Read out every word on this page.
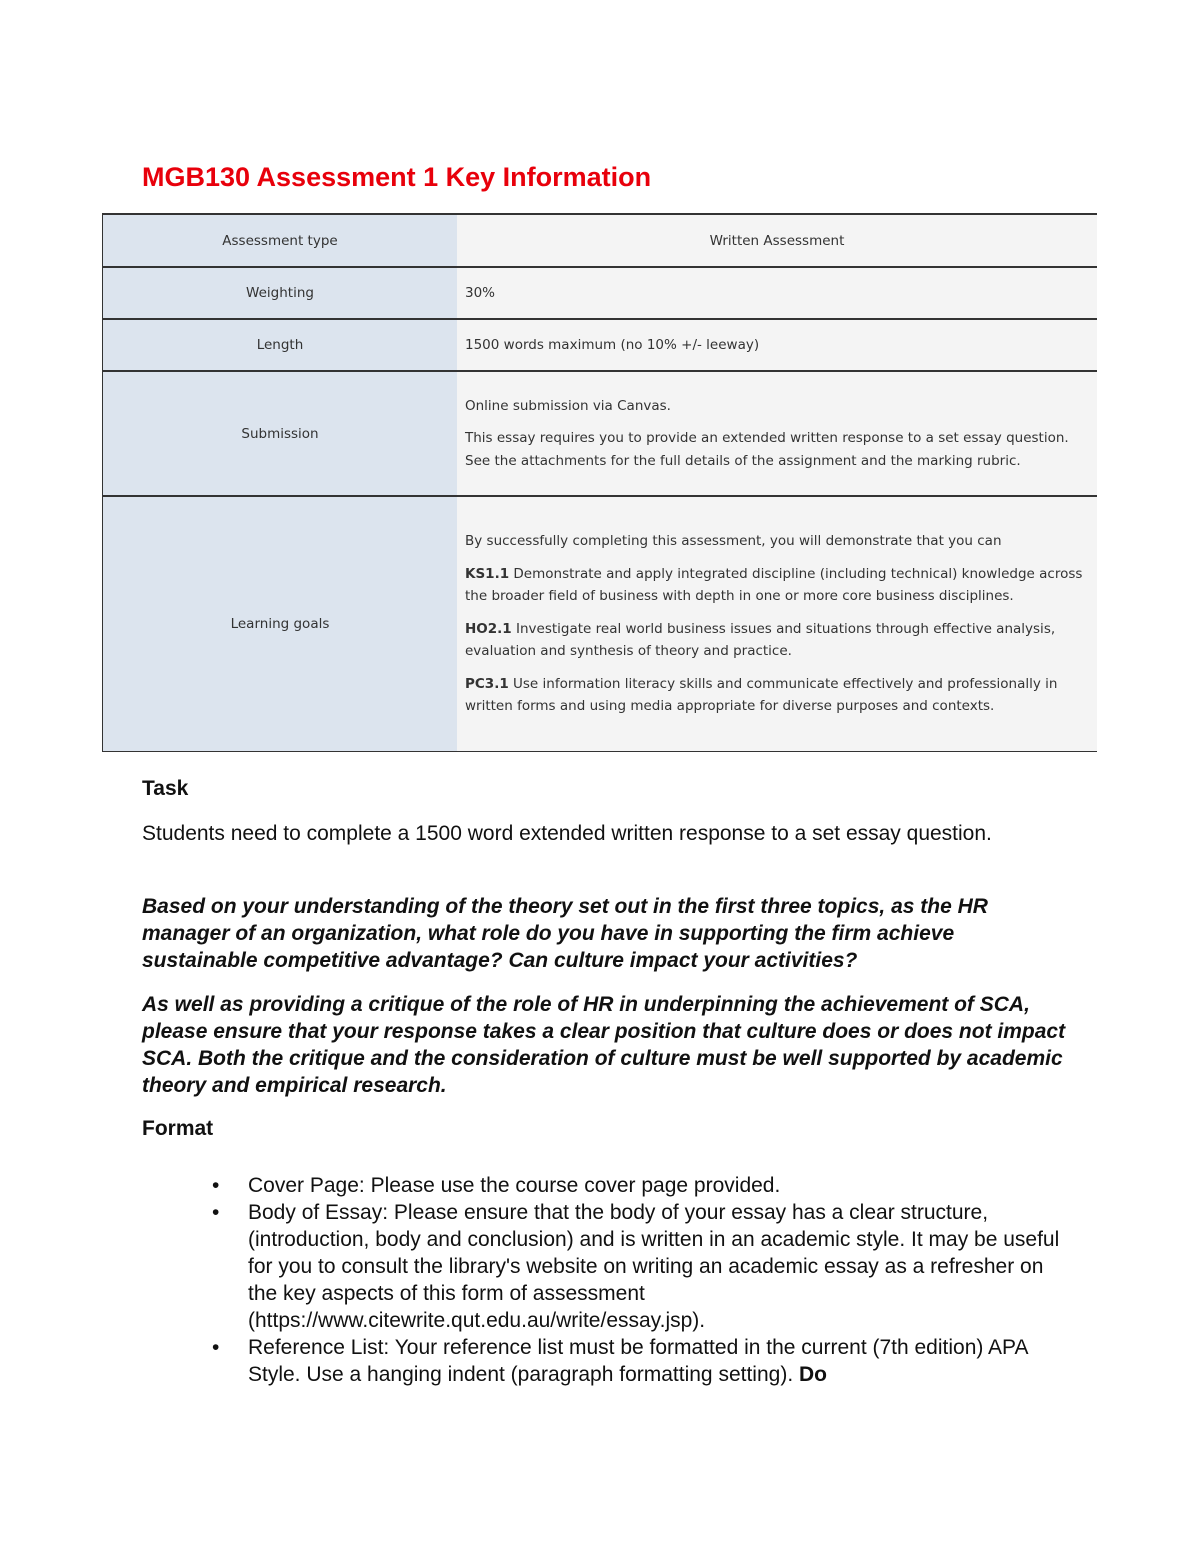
MGB130 Assessment 1 Key Information
Assessment type	Written Assessment
Weighting	30%
Length	1500 words maximum (no 10% +/- leeway)
Submission	Online submission via Canvas.

This essay requires you to provide an extended written response to a set essay question. See the attachments for the full details of the assignment and the marking rubric.

Learning goals	By successfully completing this assessment, you will demonstrate that you can

KS1.1 Demonstrate and apply integrated discipline (including technical) knowledge across the broader field of business with depth in one or more core business disciplines.

HO2.1 Investigate real world business issues and situations through effective analysis, evaluation and synthesis of theory and practice.

PC3.1 Use information literacy skills and communicate effectively and professionally in written forms and using media appropriate for diverse purposes and contexts.

Task

Students need to complete a 1500 word extended written response to a set essay question.

Based on your understanding of the theory set out in the first three topics, as the HR manager of an organization, what role do you have in supporting the firm achieve sustainable competitive advantage? Can culture impact your activities?

As well as providing a critique of the role of HR in underpinning the achievement of SCA, please ensure that your response takes a clear position that culture does or does not impact SCA. Both the critique and the consideration of culture must be well supported by academic theory and empirical research.

Format
• Cover Page: Please use the course cover page provided.
• Body of Essay: Please ensure that the body of your essay has a clear structure, (introduction, body and conclusion) and is written in an academic style. It may be useful for you to consult the library's website on writing an academic essay as a refresher on the key aspects of this form of assessment (https://www.citewrite.qut.edu.au/write/essay.jsp).
• Reference List: Your reference list must be formatted in the current (7th edition) APA Style. Use a hanging indent (paragraph formatting setting). Do
